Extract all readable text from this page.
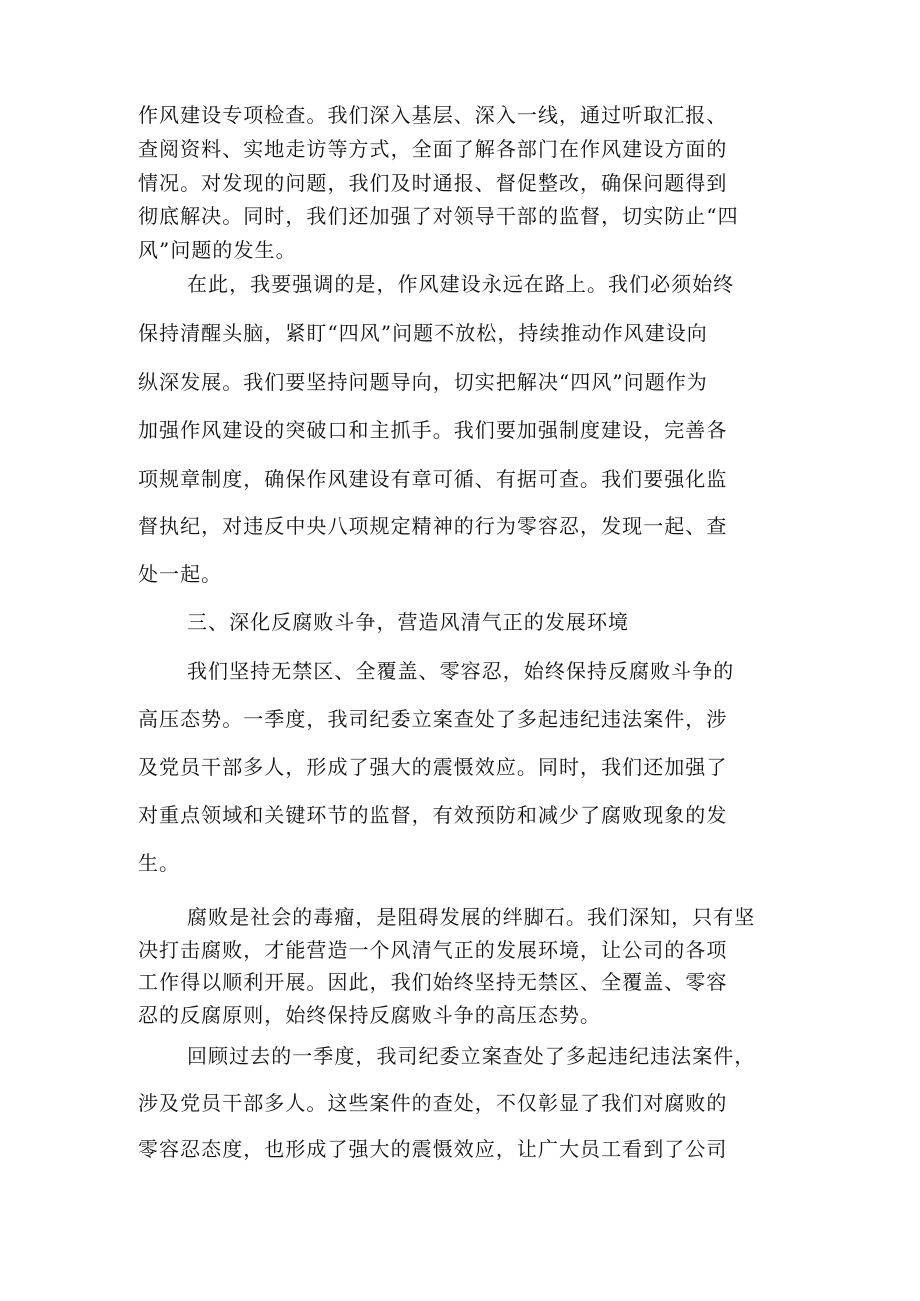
作风建设专项检查。我们深入基层、深入一线，通过听取汇报、
查阅资料、实地走访等方式，全面了解各部门在作风建设方面的
情况。对发现的问题，我们及时通报、督促整改，确保问题得到
彻底解决。同时，我们还加强了对领导干部的监督，切实防止“四
风”问题的发生。
在此，我要强调的是，作风建设永远在路上。我们必须始终
保持清醒头脑，紧盯“四风”问题不放松，持续推动作风建设向
纵深发展。我们要坚持问题导向，切实把解决“四风”问题作为
加强作风建设的突破口和主抓手。我们要加强制度建设，完善各
项规章制度，确保作风建设有章可循、有据可查。我们要强化监
督执纪，对违反中央八项规定精神的行为零容忍，发现一起、查
处一起。
三、深化反腐败斗争，营造风清气正的发展环境
我们坚持无禁区、全覆盖、零容忍，始终保持反腐败斗争的
高压态势。一季度，我司纪委立案查处了多起违纪违法案件，涉
及党员干部多人，形成了强大的震慑效应。同时，我们还加强了
对重点领域和关键环节的监督，有效预防和减少了腐败现象的发
生。
腐败是社会的毒瘤，是阻碍发展的绊脚石。我们深知，只有坚
决打击腐败，才能营造一个风清气正的发展环境，让公司的各项
工作得以顺利开展。因此，我们始终坚持无禁区、全覆盖、零容
忍的反腐原则，始终保持反腐败斗争的高压态势。
回顾过去的一季度，我司纪委立案查处了多起违纪违法案件，
涉及党员干部多人。这些案件的查处，不仅彰显了我们对腐败的
零容忍态度，也形成了强大的震慑效应，让广大员工看到了公司
